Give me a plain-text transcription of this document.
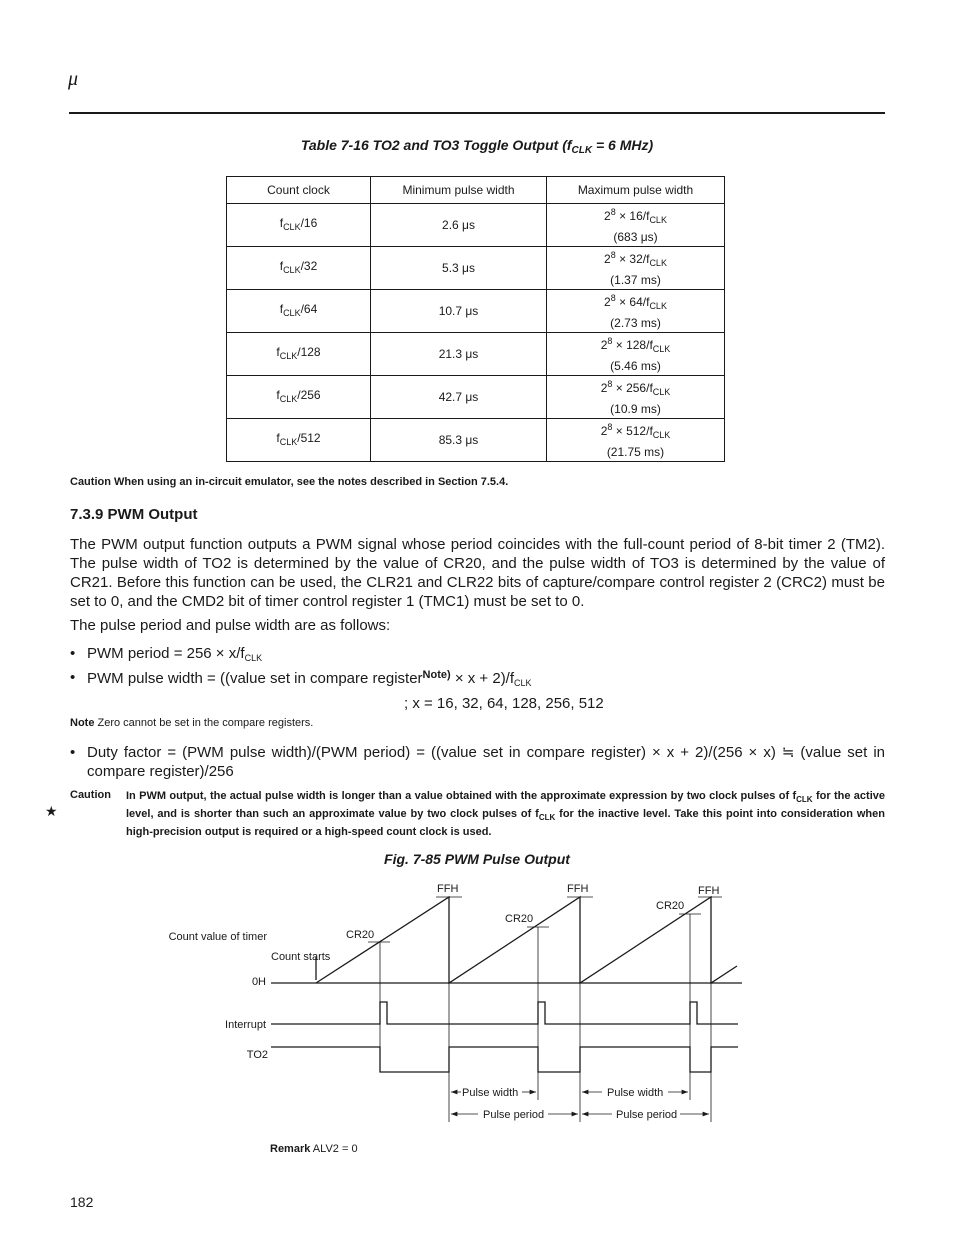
μ
Table 7-16 TO2 and TO3 Toggle Output ($f_{CLK} = 6$ MHz)
Count clock	Minimum pulse width	Maximum pulse width
$f_{CLK}/16$	2.6 μs	$2^8 \times 16/f_{CLK}$
(683 μs)
$f_{CLK}/32$	5.3 μs	$2^8 \times 32/f_{CLK}$
(1.37 ms)
$f_{CLK}/64$	10.7 μs	$2^8 \times 64/f_{CLK}$
(2.73 ms)
$f_{CLK}/128$	21.3 μs	$2^8 \times 128/f_{CLK}$
(5.46 ms)
$f_{CLK}/256$	42.7 μs	$2^8 \times 256/f_{CLK}$
(10.9 ms)
$f_{CLK}/512$	85.3 μs	$2^8 \times 512/f_{CLK}$
(21.75 ms)
Caution When using an in-circuit emulator, see the notes described in Section 7.5.4.
7.3.9 PWM Output
The PWM output function outputs a PWM signal whose period coincides with the full-count period of 8-bit timer 2 (TM2). The pulse width of TO2 is determined by the value of CR20, and the pulse width of TO3 is determined by the value of CR21. Before this function can be used, the CLR21 and CLR22 bits of capture/compare control register 2 (CRC2) must be set to 0, and the CMD2 bit of timer control register 1 (TMC1) must be set to 0.
The pulse period and pulse width are as follows:
• PWM period = $256 \times x/f_{CLK}$
• PWM pulse width = ((value set in compare register$^{Note)}$ × $x + 2)/f_{CLK}$
; x = 16, 32, 64, 128, 256, 512
Note Zero cannot be set in the compare registers.
• Duty factor = (PWM pulse width)/(PWM period) = ((value set in compare register) × x + 2)/(256 × x) ≒ (value set in compare register)/256
Caution
★
In PWM output, the actual pulse width is longer than a value obtained with the approximate expression by two clock pulses of $f_{CLK}$ for the active level, and is shorter than such an approximate value by two clock pulses of $f_{CLK}$ for the inactive level. Take this point into consideration when high-precision output is required or a high-speed count clock is used.
Fig. 7-85 PWM Pulse Output
Count value of timer
Count starts
0H
Interrupt
TO2
FFH	FFH	FFH
CR20
CR20
CR20
Pulse width	Pulse width
Pulse period	Pulse period
Remark ALV2 = 0
182
